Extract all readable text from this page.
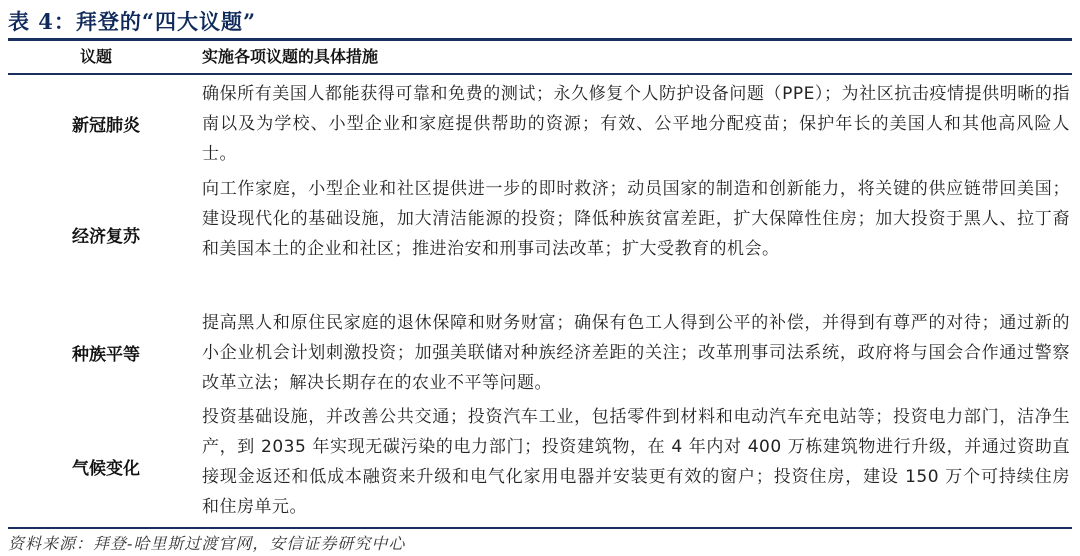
表 4：拜登的“四大议题”
议题	实施各项议题的具体措施
新冠肺炎
确保所有美国人都能获得可靠和免费的测试；永久修复个人防护设备问题（PPE）；为社区抗击疫情提供明晰的指南以及为学校、小型企业和家庭提供帮助的资源；有效、公平地分配疫苗；保护年长的美国人和其他高风险人士。
经济复苏
向工作家庭，小型企业和社区提供进一步的即时救济；动员国家的制造和创新能力，将关键的供应链带回美国；建设现代化的基础设施，加大清洁能源的投资；降低种族贫富差距，扩大保障性住房；加大投资于黑人、拉丁裔和美国本土的企业和社区；推进治安和刑事司法改革；扩大受教育的机会。
种族平等
提高黑人和原住民家庭的退休保障和财务财富；确保有色工人得到公平的补偿，并得到有尊严的对待；通过新的小企业机会计划刺激投资；加强美联储对种族经济差距的关注；改革刑事司法系统，政府将与国会合作通过警察改革立法；解决长期存在的农业不平等问题。
气候变化
投资基础设施，并改善公共交通；投资汽车工业，包括零件到材料和电动汽车充电站等；投资电力部门，洁净生产，到 2035 年实现无碳污染的电力部门；投资建筑物，在 4 年内对 400 万栋建筑物进行升级，并通过资助直接现金返还和低成本融资来升级和电气化家用电器并安装更有效的窗户；投资住房，建设 150 万个可持续住房和住房单元。
资料来源：拜登-哈里斯过渡官网，安信证券研究中心
